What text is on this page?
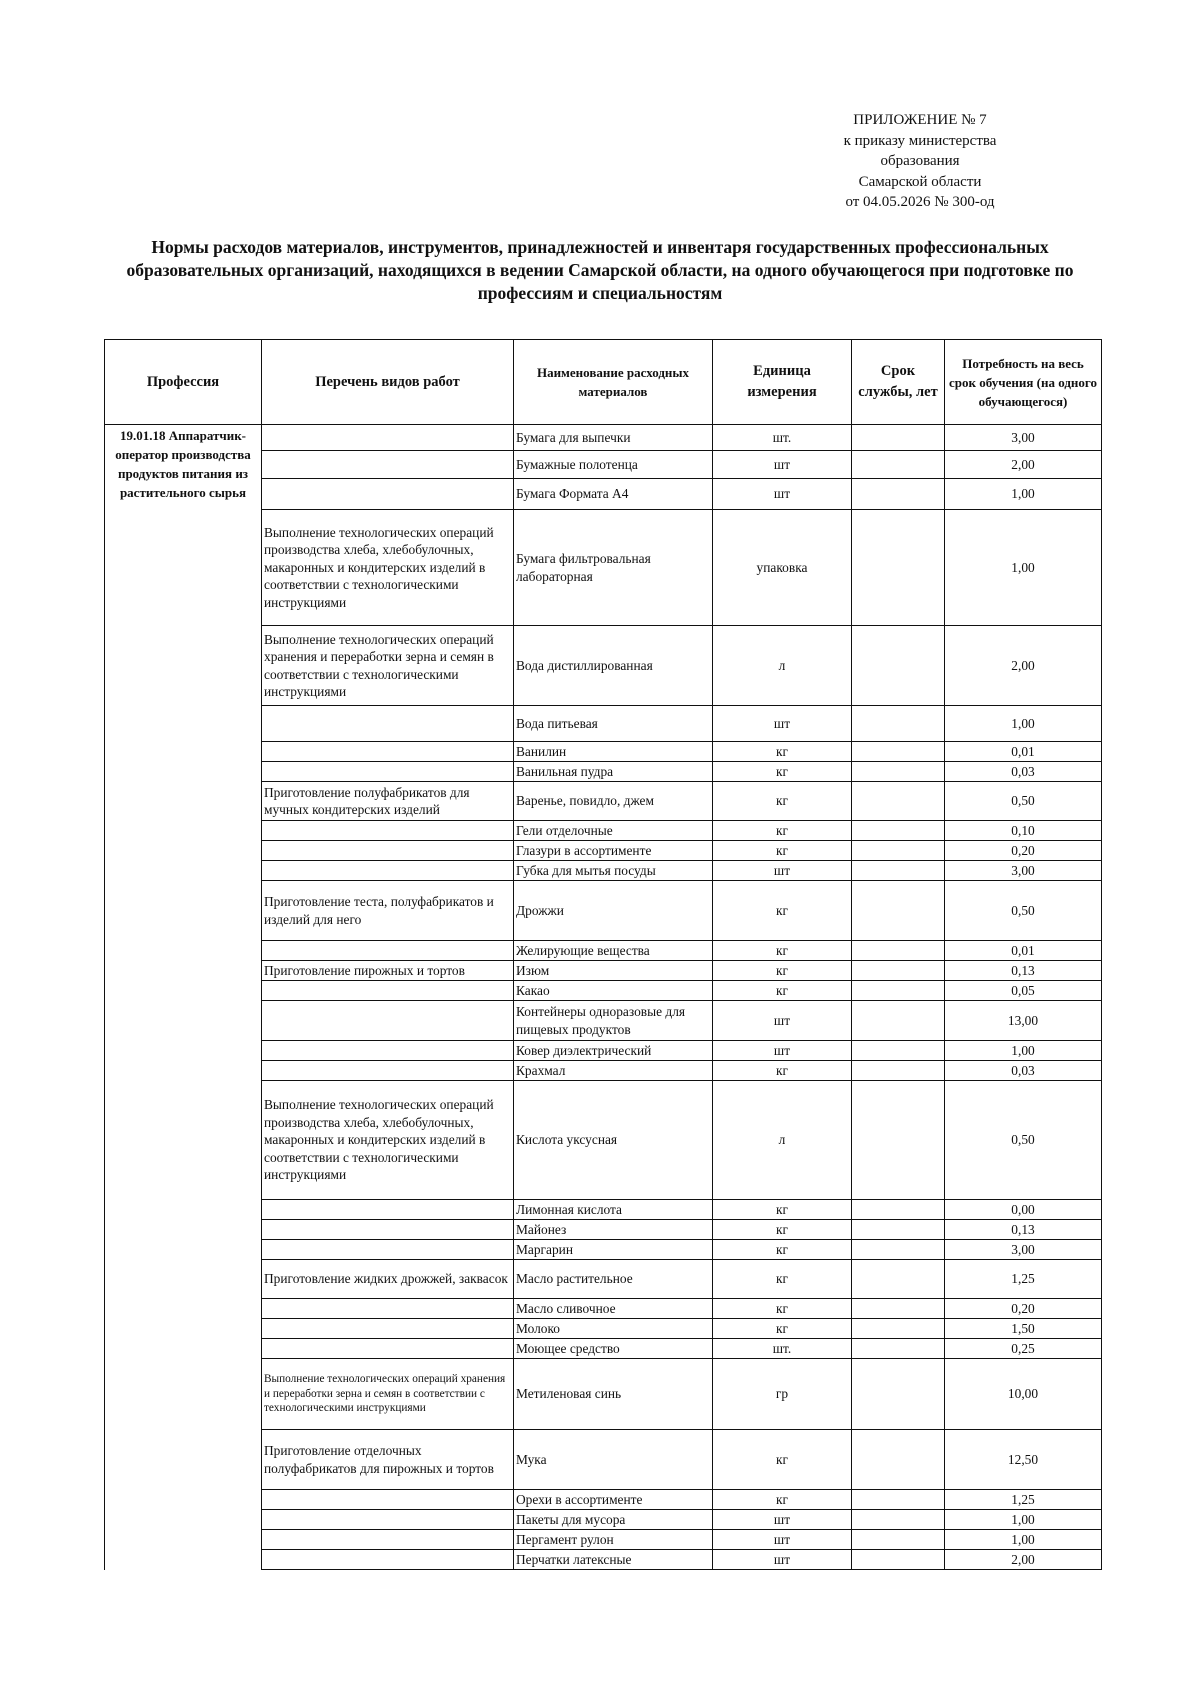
ПРИЛОЖЕНИЕ № 7
к приказу министерства
образования
Самарской области
от 04.05.2026 № 300-од
Нормы расходов материалов, инструментов, принадлежностей и инвентаря государственных профессиональных образовательных организаций, находящихся в ведении Самарской области, на одного обучающегося при подготовке по профессиям и специальностям
Профессия	Перечень видов работ	Наименование расходных материалов	Единица измерения	Срок службы, лет	Потребность на весь срок обучения (на одного обучающегося)
19.01.18 Аппаратчик-оператор производства продуктов питания из растительного сырья		Бумага для выпечки	шт.		3,00
		Бумажные полотенца	шт		2,00
		Бумага Формата А4	шт		1,00
	Выполнение технологических операций производства хлеба, хлебобулочных, макаронных и кондитерских изделий в соответствии с технологическими инструкциями	Бумага фильтровальная лабораторная	упаковка		1,00
	Выполнение технологических операций хранения и переработки зерна и семян в соответствии с технологическими инструкциями	Вода дистиллированная	л		2,00
		Вода питьевая	шт		1,00
		Ванилин	кг		0,01
		Ванильная пудра	кг		0,03
	Приготовление полуфабрикатов для мучных кондитерских изделий	Варенье, повидло, джем	кг		0,50
		Гели отделочные	кг		0,10
		Глазури в ассортименте	кг		0,20
		Губка для мытья посуды	шт		3,00
	Приготовление теста, полуфабрикатов и изделий для него	Дрожжи	кг		0,50
		Желирующие вещества	кг		0,01
	Приготовление пирожных и тортов	Изюм	кг		0,13
		Какао	кг		0,05
		Контейнеры одноразовые для пищевых продуктов	шт		13,00
		Ковер диэлектрический	шт		1,00
		Крахмал	кг		0,03
	Выполнение технологических операций производства хлеба, хлебобулочных, макаронных и кондитерских изделий в соответствии с технологическими инструкциями	Кислота уксусная	л		0,50
		Лимонная кислота	кг		0,00
		Майонез	кг		0,13
		Маргарин	кг		3,00
	Приготовление жидких дрожжей, заквасок	Масло растительное	кг		1,25
		Масло сливочное	кг		0,20
		Молоко	кг		1,50
		Моющее средство	шт.		0,25
	Выполнение технологических операций хранения и переработки зерна и семян в соответствии с технологическими инструкциями	Метиленовая синь	гр		10,00
	Приготовление отделочных полуфабрикатов для пирожных и тортов	Мука	кг		12,50
		Орехи в ассортименте	кг		1,25
		Пакеты для мусора	шт		1,00
		Пергамент рулон	шт		1,00
		Перчатки латексные	шт		2,00
